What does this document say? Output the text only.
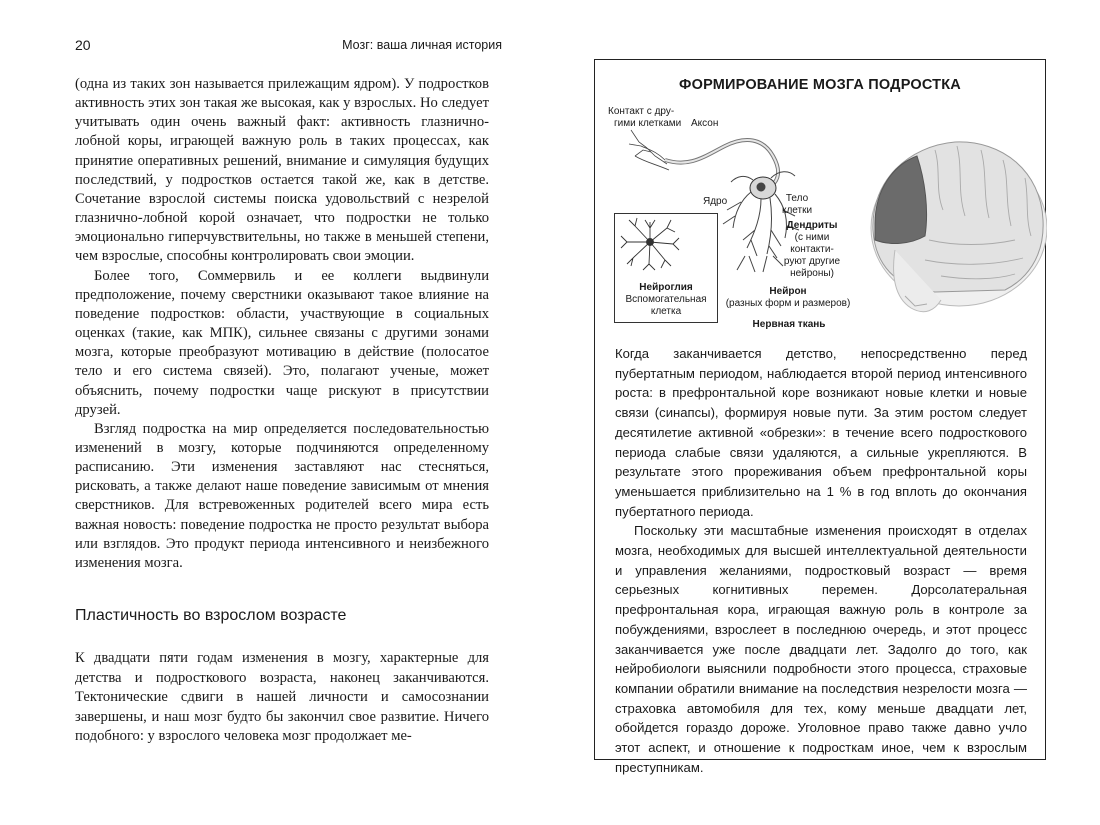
20	Мозг: ваша личная история

(одна из таких зон называется прилежащим ядром). У подростков активность этих зон такая же высокая, как у взрослых. Но следует учитывать один очень важный факт: активность глазнично-лобной коры, играющей важную роль в таких процессах, как принятие оперативных решений, внимание и симуляция будущих последствий, у подростков остается такой же, как в детстве. Сочетание взрослой системы поиска удовольствий с незрелой глазнично-лобной корой означает, что подростки не только эмоционально гиперчувствительны, но также в меньшей степени, чем взрослые, способны контролировать свои эмоции.

Более того, Соммервиль и ее коллеги выдвинули предположение, почему сверстники оказывают такое влияние на поведение подростков: области, участвующие в социальных оценках (такие, как МПК), сильнее связаны с другими зонами мозга, которые преобразуют мотивацию в действие (полосатое тело и его система связей). Это, полагают ученые, может объяснить, почему подростки чаще рискуют в присутствии друзей.

Взгляд подростка на мир определяется последовательностью изменений в мозгу, которые подчиняются определенному расписанию. Эти изменения заставляют нас стесняться, рисковать, а также делают наше поведение зависимым от мнения сверстников. Для встревоженных родителей всего мира есть важная новость: поведение подростка не просто результат выбора или взглядов. Это продукт периода интенсивного и неизбежного изменения мозга.

Пластичность во взрослом возрасте

К двадцати пяти годам изменения в мозгу, характерные для детства и подросткового возраста, наконец заканчиваются. Тектонические сдвиги в нашей личности и самосознании завершены, и наш мозг будто бы закончил свое развитие. Ничего подобного: у взрослого человека мозг продолжает ме-

ФОРМИРОВАНИЕ МОЗГА ПОДРОСТКА
Контакт с дру-
гими клетками Аксон
Ядро	Тело
клетки
Дендриты
(с ними
контакти-
руют другие
нейроны)
Нейроглия
Вспомогательная
клетка
Нейрон
(разных форм и размеров)
Нервная ткань

Когда заканчивается детство, непосредственно перед пубертатным периодом, наблюдается второй период интенсивного роста: в префронтальной коре возникают новые клетки и новые связи (синапсы), формируя новые пути. За этим ростом следует десятилетие активной «обрезки»: в течение всего подросткового периода слабые связи удаляются, а сильные укрепляются. В результате этого прореживания объем префронтальной коры уменьшается приблизительно на 1 % в год вплоть до окончания пубертатного периода.

Поскольку эти масштабные изменения происходят в отделах мозга, необходимых для высшей интеллектуальной деятельности и управления желаниями, подростковый возраст — время серьезных когнитивных перемен. Дорсолатеральная префронтальная кора, играющая важную роль в контроле за побуждениями, взрослеет в последнюю очередь, и этот процесс заканчивается уже после двадцати лет. Задолго до того, как нейробиологи выяснили подробности этого процесса, страховые компании обратили внимание на последствия незрелости мозга — страховка автомобиля для тех, кому меньше двадцати лет, обойдется гораздо дороже. Уголовное право также давно учло этот аспект, и отношение к подросткам иное, чем к взрослым преступникам.
